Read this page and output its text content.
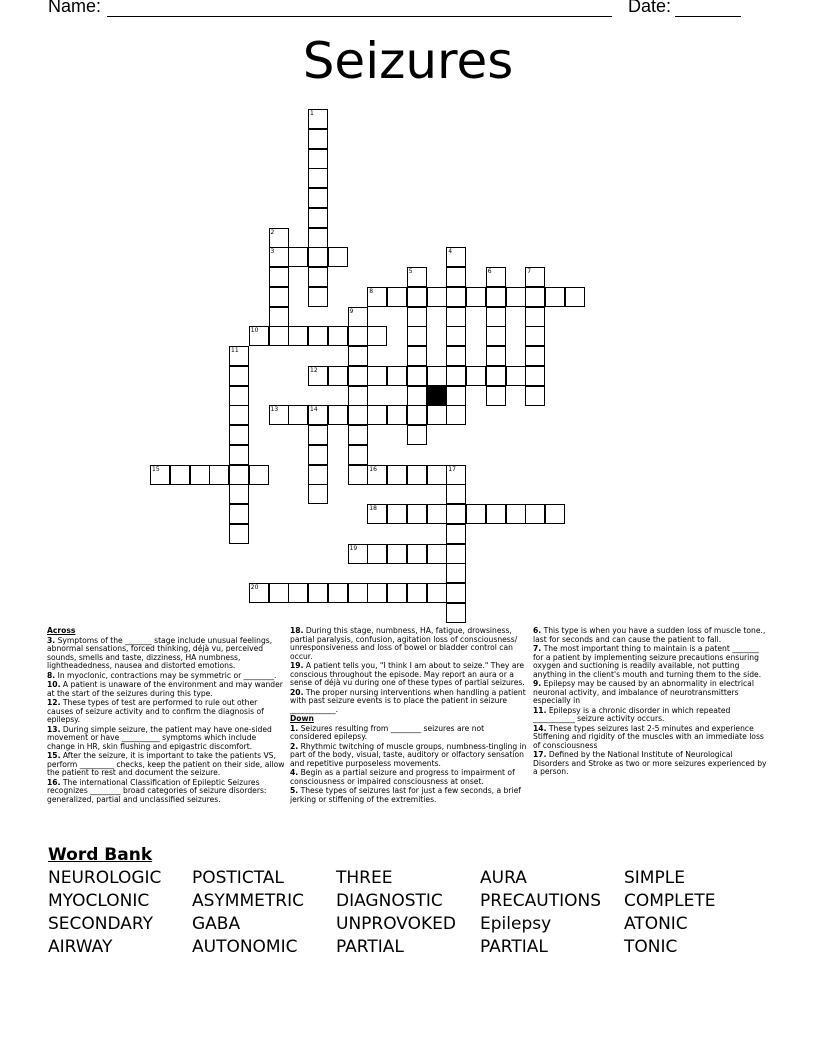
Name:	Date:
Seizures
1
2
3	4
5	6	7
8
9
10
11
12
13	14
15	16	17
18
19
20

Across

3. Symptoms of the _______ stage include unusual feelings, abnormal sensations, forced thinking, déjà vu, perceived sounds, smells and taste, dizziness, HA numbness, lightheadedness, nausea and distorted emotions.

8. In myoclonic, contractions may be symmetric or ________.

10. A patient is unaware of the environment and may wander at the start of the seizures during this type.

12. These types of test are performed to rule out other causes of seizure activity and to confirm the diagnosis of epilepsy.

13. During simple seizure, the patient may have one-sided movement or have __________ symptoms which include change in HR, skin flushing and epigastric discomfort.

15. After the seizure, it is important to take the patients VS, perform _________ checks, keep the patient on their side, allow the patient to rest and document the seizure.

16. The international Classification of Epileptic Seizures recognizes ________ broad categories of seizure disorders: generalized, partial and unclassified seizures.

18. During this stage, numbness, HA, fatigue, drowsiness, partial paralysis, confusion, agitation loss of consciousness/ unresponsiveness and loss of bowel or bladder control can occur.

19. A patient tells you, "I think I am about to seize." They are conscious throughout the episode. May report an aura or a sense of déjà vu during one of these types of partial seizures.

20. The proper nursing interventions when handling a patient with past seizure events is to place the patient in seizure ____________.

Down

1. Seizures resulting from ________ seizures are not considered epilepsy.

2. Rhythmic twitching of muscle groups, numbness-tingling in part of the body, visual, taste, auditory or olfactory sensation and repetitive purposeless movements.

4. Begin as a partial seizure and progress to impairment of consciousness or impaired consciousness at onset.

5. These types of seizures last for just a few seconds, a brief jerking or stiffening of the extremities.

6. This type is when you have a sudden loss of muscle tone., last for seconds and can cause the patient to fall.

7. The most important thing to maintain is a patent _______ for a patient by implementing seizure precautions ensuring oxygen and suctioning is readily available, not putting anything in the client's mouth and turning them to the side.

9. Epilepsy may be caused by an abnormality in electrical neuronal activity, and imbalance of neurotransmitters especially in

11. Epilepsy is a chronic disorder in which repeated ___________ seizure activity occurs.

14. These types seizures last 2-5 minutes and experience Stiffening and rigidity of the muscles with an immediate loss of consciousness

17. Defined by the National Institute of Neurological Disorders and Stroke as two or more seizures experienced by a person.

Word Bank
NEUROLOGIC	POSTICTAL	THREE	AURA	SIMPLE
MYOCLONIC	ASYMMETRIC	DIAGNOSTIC	PRECAUTIONS	COMPLETE
SECONDARY	GABA	UNPROVOKED	Epilepsy	ATONIC
AIRWAY	AUTONOMIC	PARTIAL	PARTIAL	TONIC
